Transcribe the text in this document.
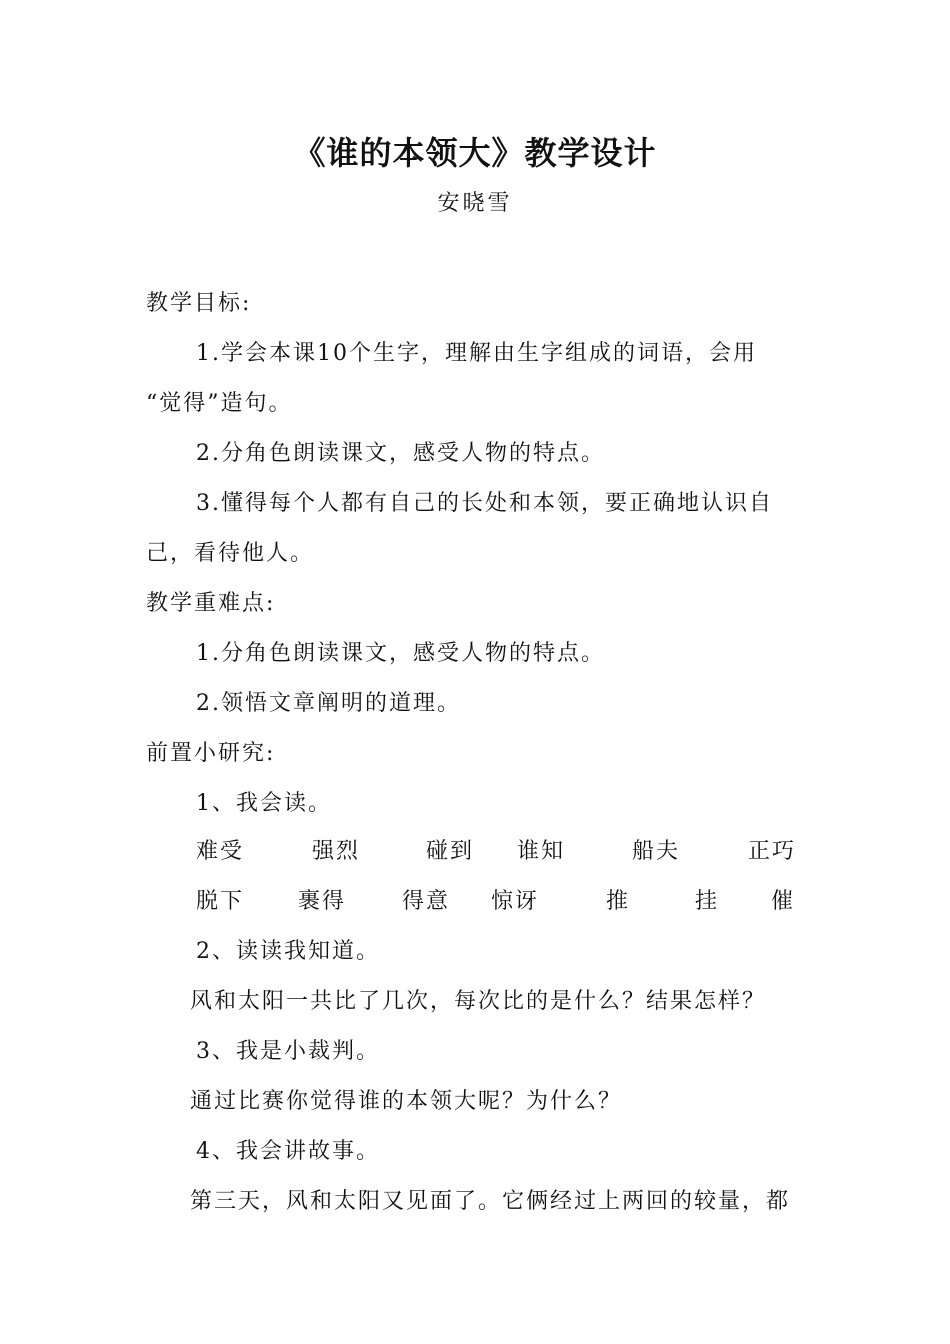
《谁的本领大》教学设计
安晓雪
教学目标:
1.学会本课10个生字，理解由生字组成的词语，会用
“觉得”造句。
2.分角色朗读课文，感受人物的特点。
3.懂得每个人都有自己的长处和本领，要正确地认识自
己，看待他人。
教学重难点:
1.分角色朗读课文，感受人物的特点。
2.领悟文章阐明的道理。
前置小研究:
1、我会读。
难受	强烈	碰到 谁知	船夫	正巧
脱下 裹得	得意 惊讶	推	挂 催
2、读读我知道。
风和太阳一共比了几次，每次比的是什么？结果怎样？
3、我是小裁判。
通过比赛你觉得谁的本领大呢？为什么？
4、我会讲故事。
第三天，风和太阳又见面了。它俩经过上两回的较量，都
